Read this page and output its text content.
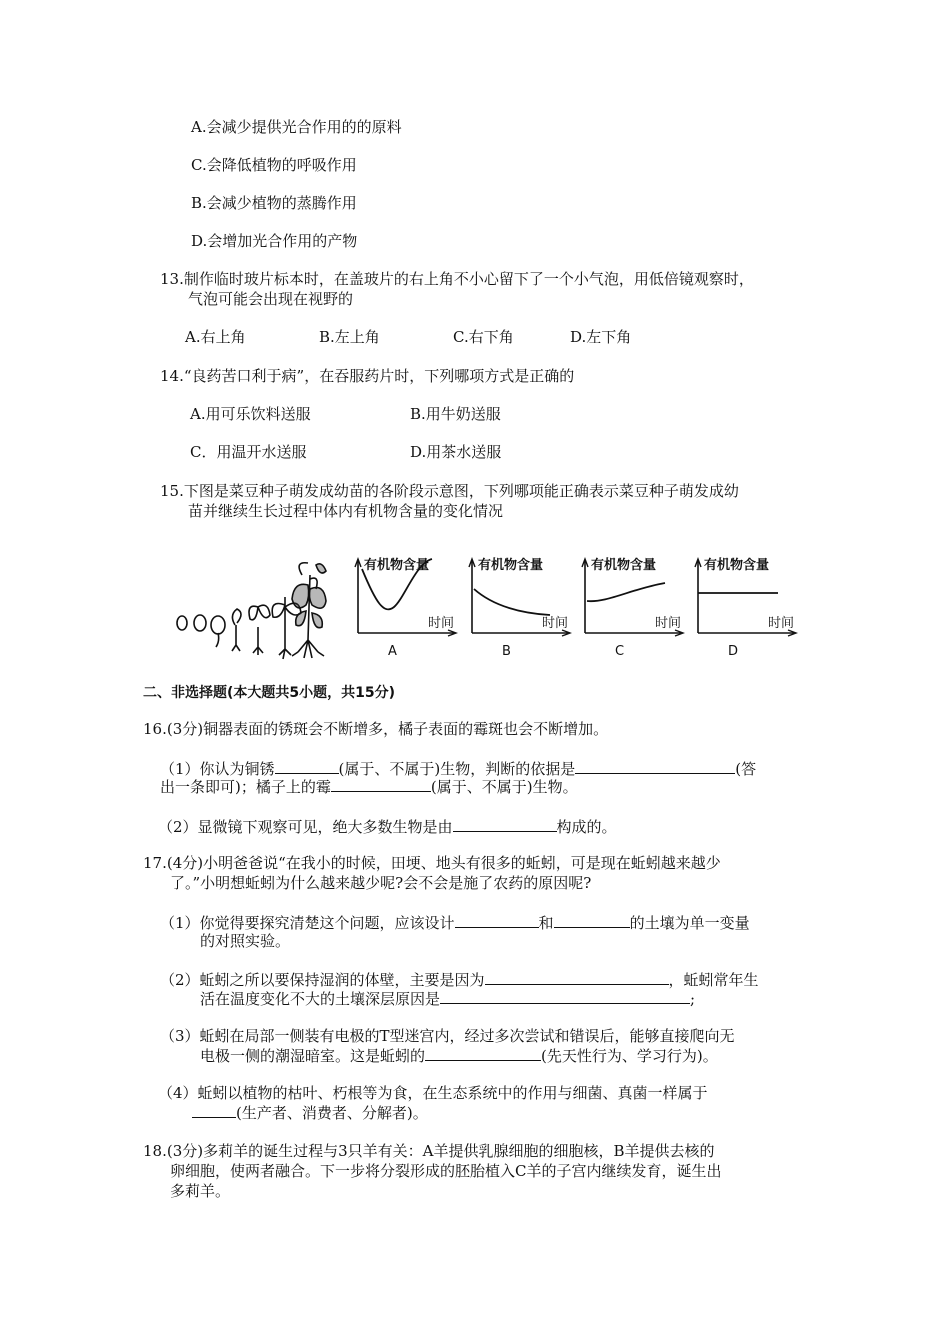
A.会减少提供光合作用的的原料
C.会降低植物的呼吸作用
B.会减少植物的蒸腾作用
D.会增加光合作用的产物
13.制作临时玻片标本时，在盖玻片的右上角不小心留下了一个小气泡，用低倍镜观察时，
气泡可能会出现在视野的
A.右上角	B.左上角	C.右下角	D.左下角
14.“良药苦口利于病”，在吞服药片时，下列哪项方式是正确的
A.用可乐饮料送服	B.用牛奶送服
C．用温开水送服	D.用茶水送服
15.下图是菜豆种子萌发成幼苗的各阶段示意图，下列哪项能正确表示菜豆种子萌发成幼
苗并继续生长过程中体内有机物含量的变化情况
有机物含量
时间
A
有机物含量
时间
B
有机物含量
时间
C
有机物含量
时间
D
二、非选择题(本大题共5小题，共15分)
16.(3分)铜器表面的锈斑会不断增多，橘子表面的霉斑也会不断增加。
（1）你认为铜锈	(属于、不属于)生物，判断的依据是	(答
出一条即可)；橘子上的霉	(属于、不属于)生物。
（2）显微镜下观察可见，绝大多数生物是由	构成的。
17.(4分)小明爸爸说“在我小的时候，田埂、地头有很多的蚯蚓，可是现在蚯蚓越来越少
了。”小明想蚯蚓为什么越来越少呢?会不会是施了农药的原因呢?
（1）你觉得要探究清楚这个问题，应该设计	和	的土壤为单一变量
的对照实验。
（2）蚯蚓之所以要保持湿润的体壁，主要是因为	，蚯蚓常年生
活在温度变化不大的土壤深层原因是	;
（3）蚯蚓在局部一侧装有电极的T型迷宫内，经过多次尝试和错误后，能够直接爬向无
电极一侧的潮湿暗室。这是蚯蚓的	(先天性行为、学习行为)。
（4）蚯蚓以植物的枯叶、朽根等为食，在生态系统中的作用与细菌、真菌一样属于
(生产者、消费者、分解者)。
18.(3分)多莉羊的诞生过程与3只羊有关：A羊提供乳腺细胞的细胞核，B羊提供去核的
卵细胞，使两者融合。下一步将分裂形成的胚胎植入C羊的子宫内继续发育，诞生出
多莉羊。
